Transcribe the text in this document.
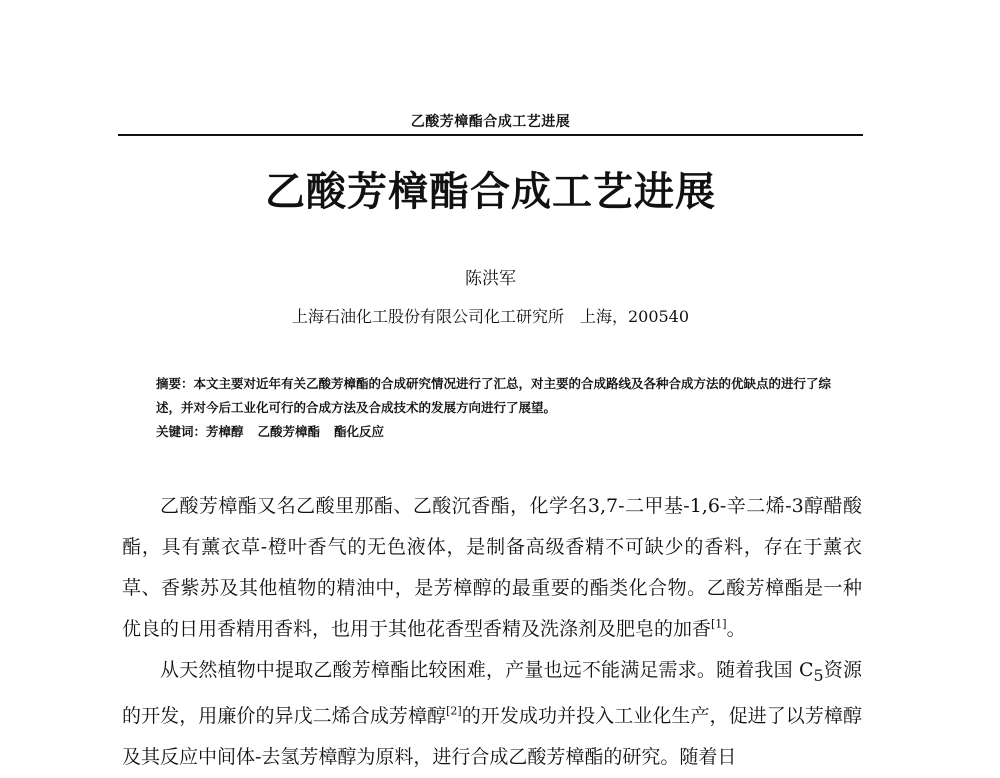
乙酸芳樟酯合成工艺进展
乙酸芳樟酯合成工艺进展
陈洪军
上海石油化工股份有限公司化工研究所　上海，200540

摘要：本文主要对近年有关乙酸芳樟酯的合成研究情况进行了汇总，对主要的合成路线及各种合成方法的优缺点的进行了综述，并对今后工业化可行的合成方法及合成技术的发展方向进行了展望。

关键词：芳樟醇 乙酸芳樟酯 酯化反应

乙酸芳樟酯又名乙酸里那酯、乙酸沉香酯，化学名3,7-二甲基-1,6-辛二烯-3醇醋酸酯，具有薰衣草-橙叶香气的无色液体，是制备高级香精不可缺少的香料，存在于薰衣草、香紫苏及其他植物的精油中，是芳樟醇的最重要的酯类化合物。乙酸芳樟酯是一种优良的日用香精用香料，也用于其他花香型香精及洗涤剂及肥皂的加香[1]。

从天然植物中提取乙酸芳樟酯比较困难，产量也远不能满足需求。随着我国 $C_5$资源的开发，用廉价的异戊二烯合成芳樟醇[2]的开发成功并投入工业化生产，促进了以芳樟醇及其反应中间体-去氢芳樟醇为原料，进行合成乙酸芳樟酯的研究。随着日
